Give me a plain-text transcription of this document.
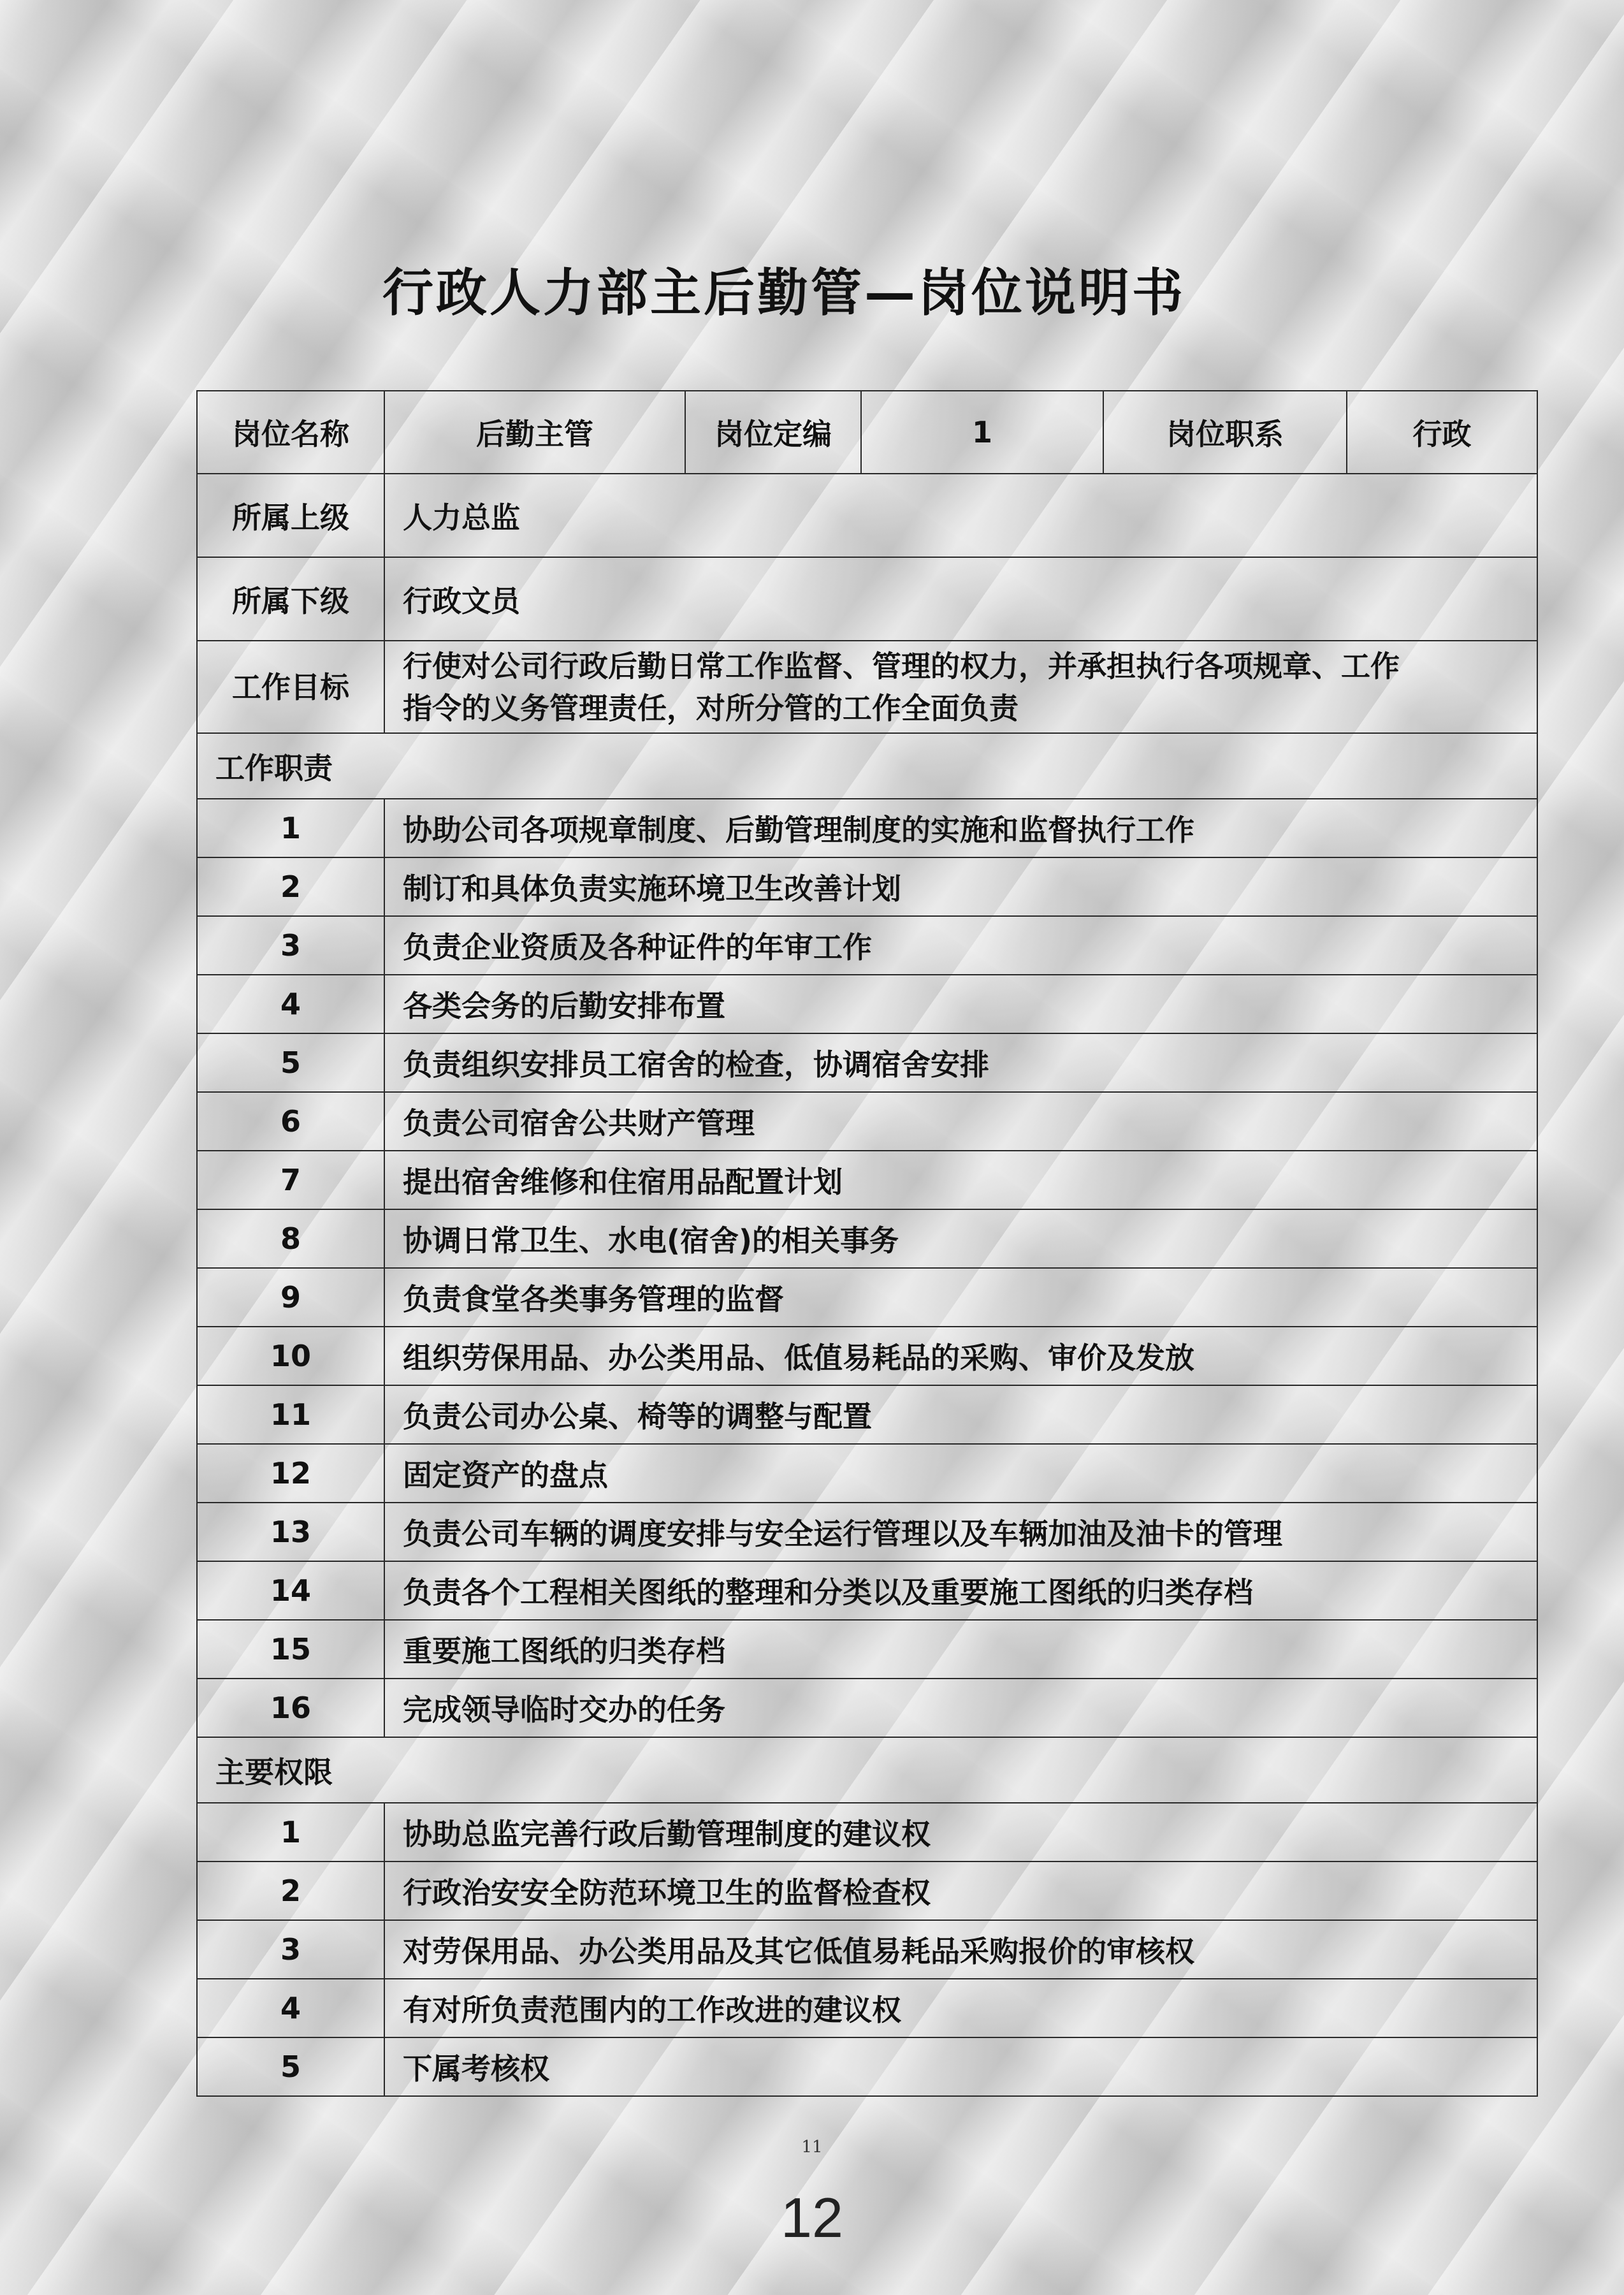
行政人力部主后勤管—岗位说明书
岗位名称	后勤主管	岗位定编	1	岗位职系	行政
所属上级	人力总监				
所属下级	行政文员				
工作目标	行使对公司行政后勤日常工作监督、管理的权力，并承担执行各项规章、工作
指令的义务管理责任，对所分管的工作全面负责				
工作职责					
1	协助公司各项规章制度、后勤管理制度的实施和监督执行工作				
2	制订和具体负责实施环境卫生改善计划				
3	负责企业资质及各种证件的年审工作				
4	各类会务的后勤安排布置				
5	负责组织安排员工宿舍的检查，协调宿舍安排				
6	负责公司宿舍公共财产管理				
7	提出宿舍维修和住宿用品配置计划				
8	协调日常卫生、水电(宿舍)的相关事务				
9	负责食堂各类事务管理的监督				
10	组织劳保用品、办公类用品、低值易耗品的采购、审价及发放				
11	负责公司办公桌、椅等的调整与配置				
12	固定资产的盘点				
13	负责公司车辆的调度安排与安全运行管理以及车辆加油及油卡的管理				
14	负责各个工程相关图纸的整理和分类以及重要施工图纸的归类存档				
15	重要施工图纸的归类存档				
16	完成领导临时交办的任务				
主要权限					
1	协助总监完善行政后勤管理制度的建议权				
2	行政治安安全防范环境卫生的监督检查权				
3	对劳保用品、办公类用品及其它低值易耗品采购报价的审核权				
4	有对所负责范围内的工作改进的建议权				
5	下属考核权				
11
12
